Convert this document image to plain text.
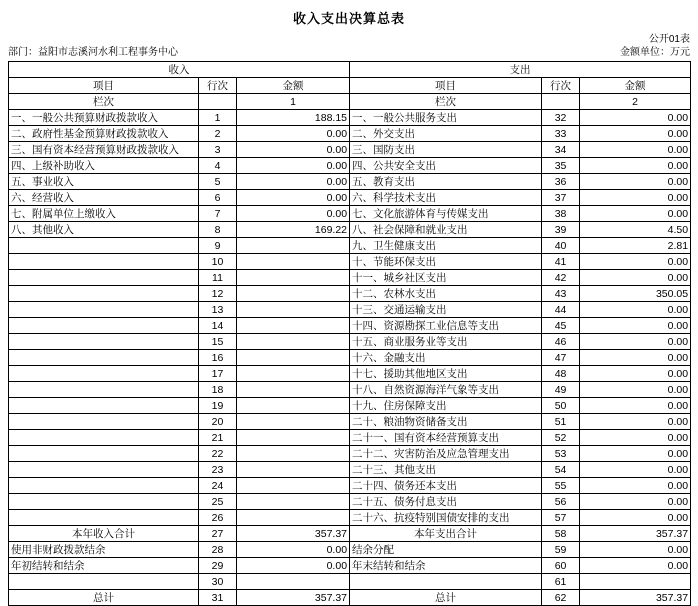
收入支出决算总表
部门：益阳市志溪河水利工程事务中心
公开01表
金额单位：万元
收入			支出		
项目	行次	金额	项目	行次	金额
栏次		1	栏次		2
一、一般公共预算财政拨款收入	1	188.15	一、一般公共服务支出	32	0.00
二、政府性基金预算财政拨款收入	2	0.00	二、外交支出	33	0.00
三、国有资本经营预算财政拨款收入	3	0.00	三、国防支出	34	0.00
四、上级补助收入	4	0.00	四、公共安全支出	35	0.00
五、事业收入	5	0.00	五、教育支出	36	0.00
六、经营收入	6	0.00	六、科学技术支出	37	0.00
七、附属单位上缴收入	7	0.00	七、文化旅游体育与传媒支出	38	0.00
八、其他收入	8	169.22	八、社会保障和就业支出	39	4.50
	9		九、卫生健康支出	40	2.81
	10		十、节能环保支出	41	0.00
	11		十一、城乡社区支出	42	0.00
	12		十二、农林水支出	43	350.05
	13		十三、交通运输支出	44	0.00
	14		十四、资源勘探工业信息等支出	45	0.00
	15		十五、商业服务业等支出	46	0.00
	16		十六、金融支出	47	0.00
	17		十七、援助其他地区支出	48	0.00
	18		十八、自然资源海洋气象等支出	49	0.00
	19		十九、住房保障支出	50	0.00
	20		二十、粮油物资储备支出	51	0.00
	21		二十一、国有资本经营预算支出	52	0.00
	22		二十二、灾害防治及应急管理支出	53	0.00
	23		二十三、其他支出	54	0.00
	24		二十四、债务还本支出	55	0.00
	25		二十五、债务付息支出	56	0.00
	26		二十六、抗疫特别国债安排的支出	57	0.00
本年收入合计	27	357.37	本年支出合计	58	357.37
使用非财政拨款结余	28	0.00	结余分配	59	0.00
年初结转和结余	29	0.00	年末结转和结余	60	0.00
	30			61	
总计	31	357.37	总计	62	357.37
